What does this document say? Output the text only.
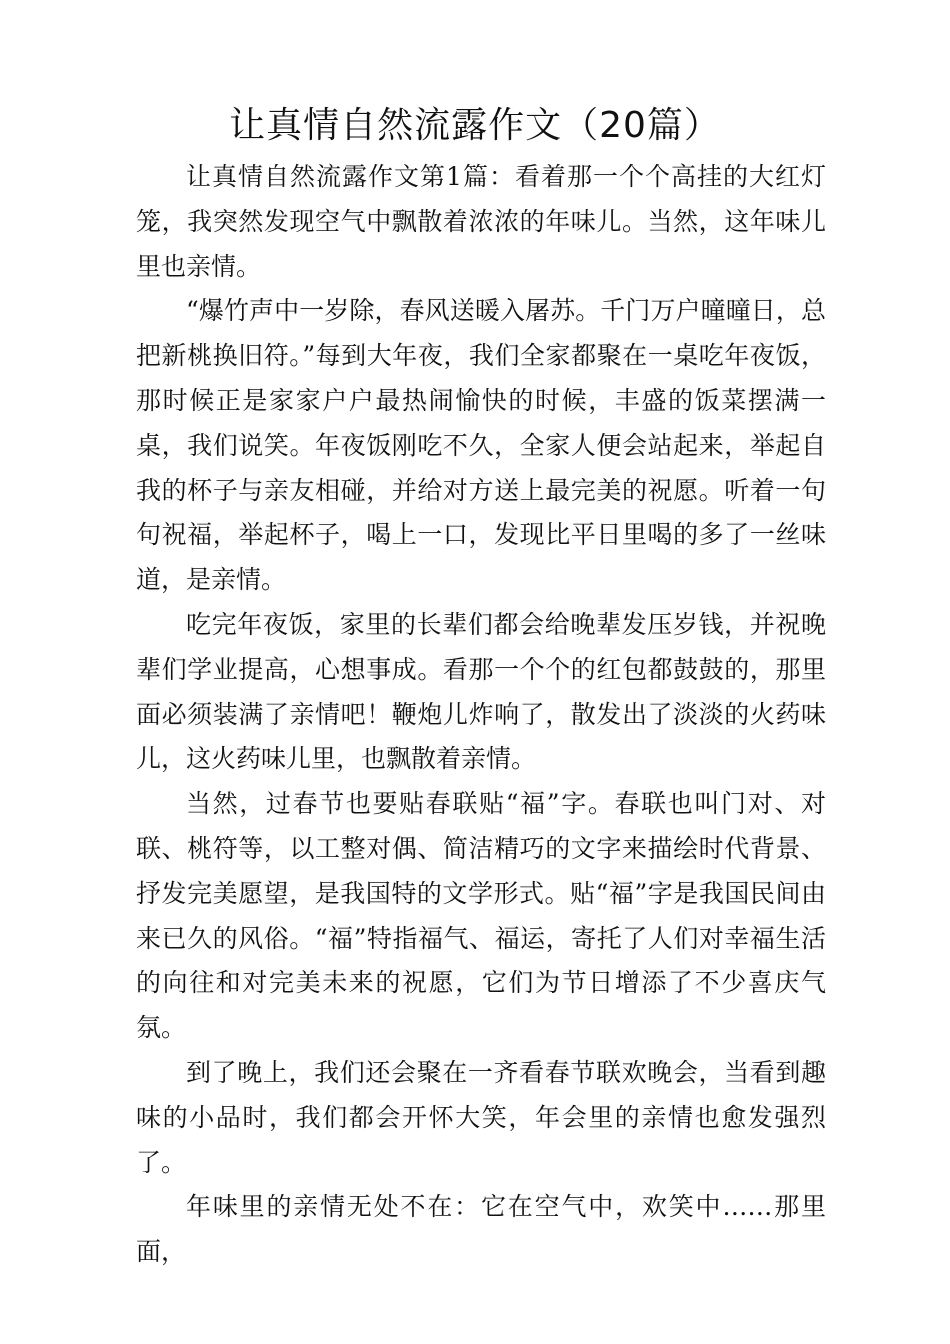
让真情自然流露作文（20篇）

让真情自然流露作文第1篇：看着那一个个高挂的大红灯笼，我突然发现空气中飘散着浓浓的年味儿。当然，这年味儿里也亲情。

“爆竹声中一岁除，春风送暖入屠苏。千门万户曈曈日，总把新桃换旧符。”每到大年夜，我们全家都聚在一桌吃年夜饭，那时候正是家家户户最热闹愉快的时候，丰盛的饭菜摆满一桌，我们说笑。年夜饭刚吃不久，全家人便会站起来，举起自我的杯子与亲友相碰，并给对方送上最完美的祝愿。听着一句句祝福，举起杯子，喝上一口，发现比平日里喝的多了一丝味道，是亲情。

吃完年夜饭，家里的长辈们都会给晚辈发压岁钱，并祝晚辈们学业提高，心想事成。看那一个个的红包都鼓鼓的，那里面必须装满了亲情吧！鞭炮儿炸响了，散发出了淡淡的火药味儿，这火药味儿里，也飘散着亲情。

当然，过春节也要贴春联贴“福”字。春联也叫门对、对联、桃符等，以工整对偶、简洁精巧的文字来描绘时代背景、抒发完美愿望，是我国特的文学形式。贴“福”字是我国民间由来已久的风俗。“福”特指福气、福运，寄托了人们对幸福生活的向往和对完美未来的祝愿，它们为节日增添了不少喜庆气氛。

到了晚上，我们还会聚在一齐看春节联欢晚会，当看到趣味的小品时，我们都会开怀大笑，年会里的亲情也愈发强烈了。

年味里的亲情无处不在：它在空气中，欢笑中……那里面，
